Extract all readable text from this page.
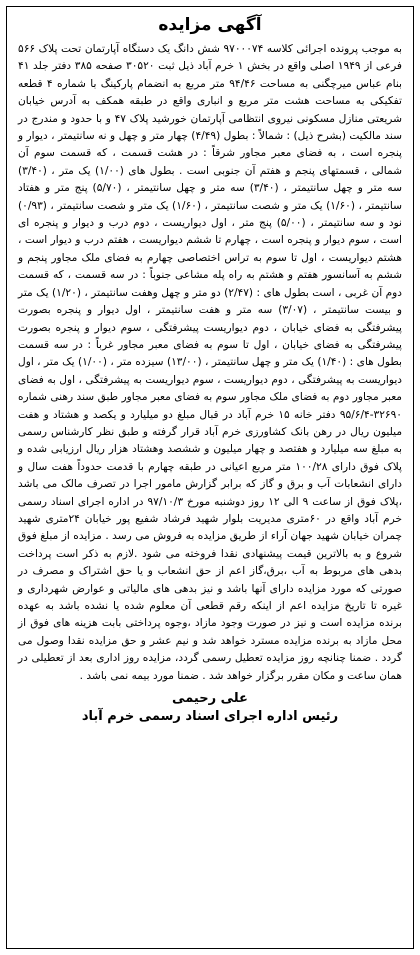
آگهی مزایده

به موجب پرونده اجرائی کلاسه ۹۷۰۰۰۷۴ شش دانگ یک دستگاه آپارتمان تحت پلاک ۵۶۶ فرعی از ۱۹۴۹ اصلی واقع در بخش ۱ خرم آباد ذیل ثبت ۳۰۵۲۰ صفحه ۳۸۵ دفتر جلد ۴۱ بنام عباس میرچگنی به مساحت ۹۴/۴۶ متر مربع به انضمام پارکینگ با شماره ۴ قطعه تفکیکی به مساحت هشت متر مربع و انباری واقع در طبقه همکف به آدرس خیابان شریعتی منازل مسکونی نیروی انتظامی آپارتمان خورشید پلاک ۴۷ و با حدود و مندرج در سند مالکیت (بشرح ذیل) : شمالاً : بطول (۴/۴۹) چهار متر و چهل و نه سانتیمتر ، دیوار و پنجره است ، به فضای معبر مجاور شرقاً : در هشت قسمت ، که قسمت سوم آن شمالی ، قسمتهای پنجم و هفتم آن جنوبی است . بطول های (۱/۰۰) یک متر ، (۳/۴۰) سه متر و چهل سانتیمتر ، (۳/۴۰) سه متر و چهل سانتیمتر ، (۵/۷۰) پنج متر و هفتاد سانتیمتر ، (۱/۶۰) یک متر و شصت سانتیمتر ، (۱/۶۰) یک متر و شصت سانتیمتر ، (۰/۹۳) نود و سه سانتیمتر ، (۵/۰۰) پنج متر ، اول دیواریست ، دوم درب و دیوار و پنجره ای است ، سوم دیوار و پنجره است ، چهارم تا ششم دیواریست ، هفتم درب و دیوار است ، هشتم دیواریست ، اول تا سوم به تراس اختصاصی چهارم به فضای ملک مجاور پنجم و ششم به آسانسور هفتم و هشتم به راه پله مشاعی جنوباً : در سه قسمت ، که قسمت دوم آن غربی ، است بطول های : (۲/۴۷) دو متر و چهل وهفت سانتیمتر ، (۱/۲۰) یک متر و بیست سانتیمتر ، (۳/۰۷) سه متر و هفت سانتیمتر ، اول دیوار و پنجره بصورت پیشرفتگی به فضای خیابان ، دوم دیواریست پیشرفتگی ، سوم دیوار و پنجره بصورت پیشرفتگی به فضای خیابان ، اول تا سوم به فضای معبر مجاور غرباً : در سه قسمت بطول های : (۱/۴۰) یک متر و چهل سانتیمتر ، (۱۳/۰۰) سیزده متر ، (۱/۰۰) یک متر ، اول دیواریست به پیشرفتگی ، دوم دیواریست ، سوم دیواریست به پیشرفتگی ، اول به فضای معبر مجاور دوم به فضای ملک مجاور سوم به فضای معبر مجاور طبق سند رهنی شماره ۳۲۶۹۰-۹۵/۶/۴ دفتر خانه ۱۵ خرم آباد در قبال مبلغ دو میلیارد و یکصد و هشتاد و هفت میلیون ریال در رهن بانک کشاورزی خرم آباد قرار گرفته و طبق نظر کارشناس رسمی به مبلغ سه میلیارد و هفتصد و چهار میلیون و ششصد وهشتاد هزار ریال ارزیابی شده و پلاک فوق دارای ۱۰۰/۲۸ متر مربع اعیانی در طبقه چهارم با قدمت حدوداً هفت سال و دارای انشعابات آب و برق و گاز که برابر گزارش مامور اجرا در تصرف مالک می باشد ،پلاک فوق از ساعت ۹ الی ۱۲ روز دوشنبه مورخ ۹۷/۱۰/۳ در اداره اجرای اسناد رسمی خرم آباد واقع در ۶۰متری مدیریت بلوار شهید فرشاد شفیع پور خیابان ۲۴متری شهید چمران خیابان شهید جهان آراء از طریق مزایده به فروش می رسد . مزایده از مبلغ فوق شروع و به بالاترین قیمت پیشنهادی نقدا فروخته می شود .لازم به ذکر است پرداخت بدهی های مربوط به آب ،برق،گاز اعم از حق انشعاب و یا حق اشتراک و مصرف در صورتی که مورد مزایده دارای آنها باشد و نیز بدهی های مالیاتی و عوارض شهرداری و غیره تا تاریخ مزایده اعم از اینکه رقم قطعی آن معلوم شده یا نشده باشد به عهده برنده مزایده است و نیز در صورت وجود مازاد ،وجوه پرداختی بابت هزینه های فوق از محل مازاد به برنده مزایده مسترد خواهد شد و نیم عشر و حق مزایده نقدا وصول می گردد . ضمنا چنانچه روز مزایده تعطیل رسمی گردد، مزایده روز اداری بعد از تعطیلی در همان ساعت و مکان مقرر برگزار خواهد شد . ضمنا مورد بیمه نمی باشد .

علی رحیمی
رئیس اداره اجرای اسناد رسمی خرم آباد
